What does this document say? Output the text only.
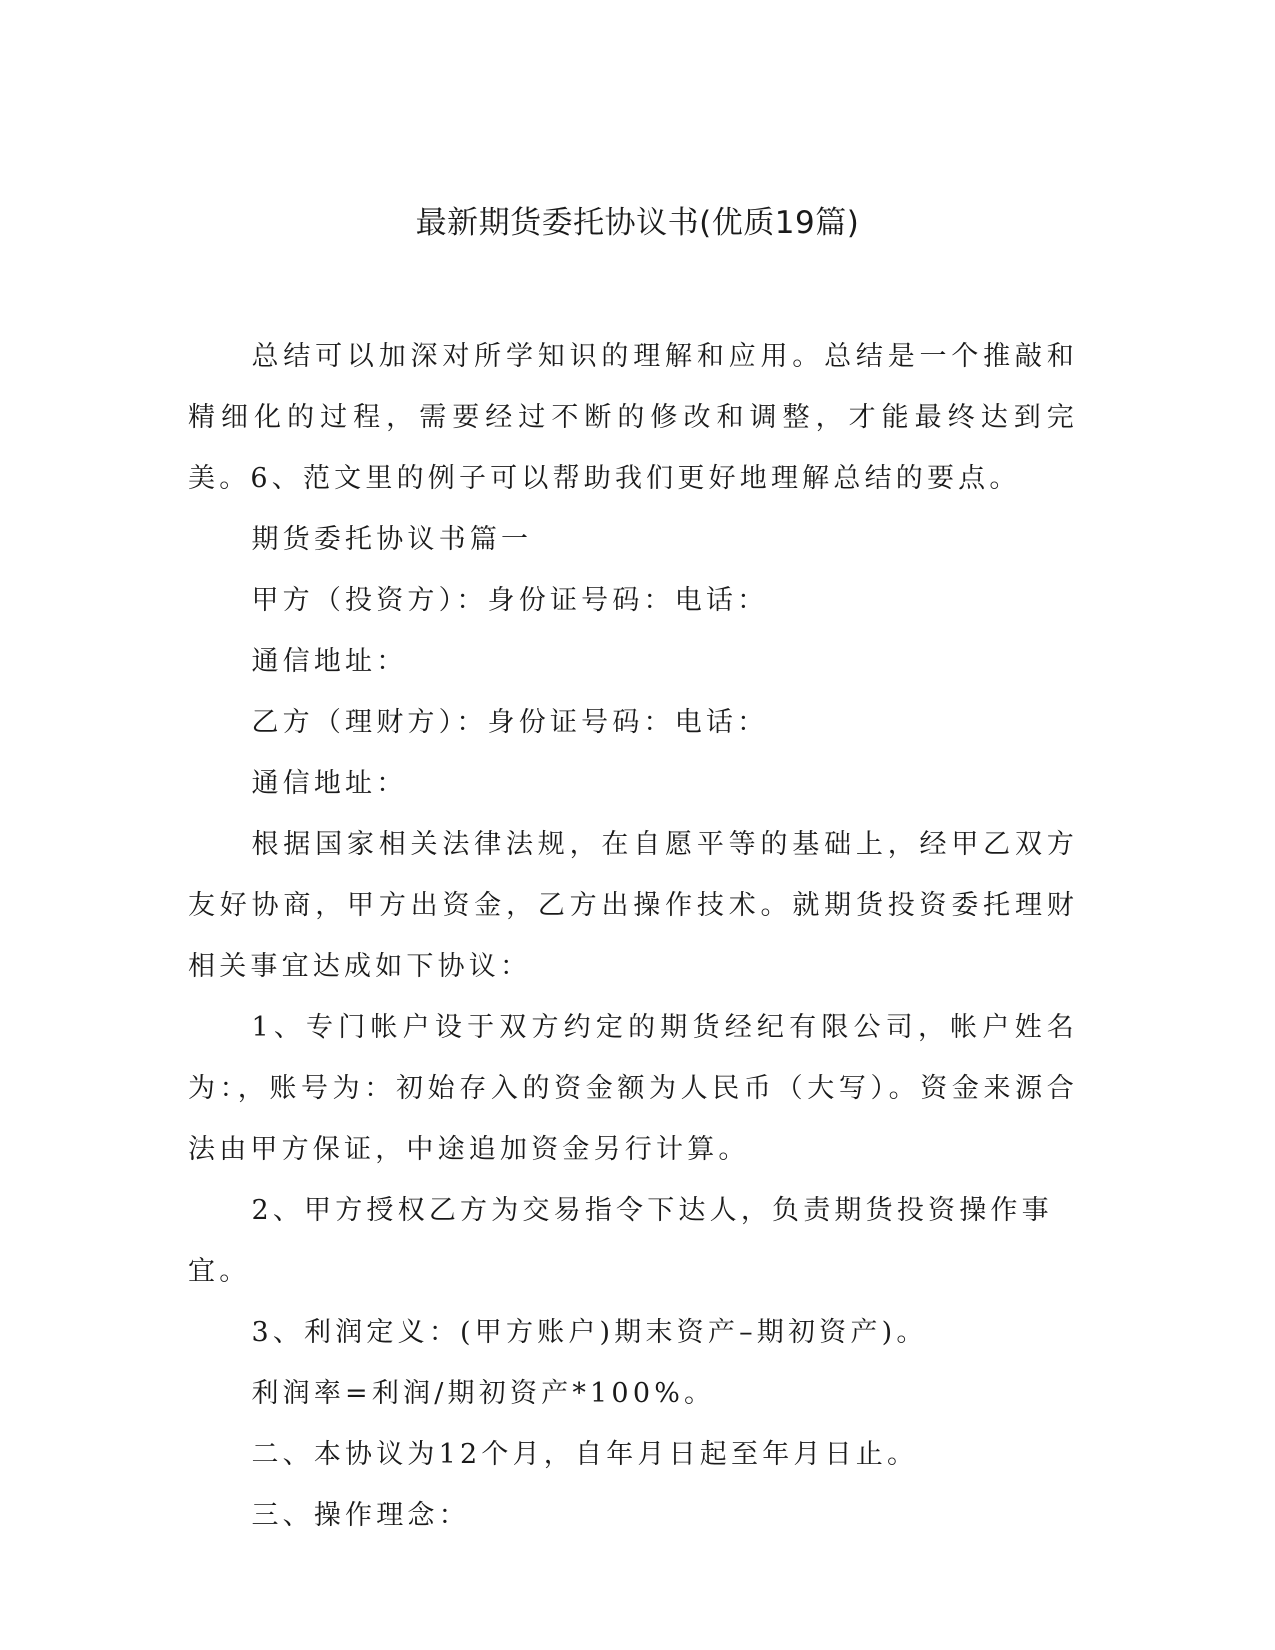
最新期货委托协议书(优质19篇)

总结可以加深对所学知识的理解和应用。总结是一个推敲和精细化的过程，需要经过不断的修改和调整，才能最终达到完美。6、范文里的例子可以帮助我们更好地理解总结的要点。

期货委托协议书篇一

甲方（投资方）：身份证号码：电话：

通信地址：

乙方（理财方）：身份证号码：电话：

通信地址：

根据国家相关法律法规，在自愿平等的基础上，经甲乙双方友好协商，甲方出资金，乙方出操作技术。就期货投资委托理财相关事宜达成如下协议：

1、专门帐户设于双方约定的期货经纪有限公司，帐户姓名为：，账号为：初始存入的资金额为人民币（大写）。资金来源合法由甲方保证，中途追加资金另行计算。

2、甲方授权乙方为交易指令下达人，负责期货投资操作事宜。

3、利润定义：(甲方账户)期末资产–期初资产)。

利润率=利润/期初资产*100%。

二、本协议为12个月，自年月日起至年月日止。

三、操作理念：
